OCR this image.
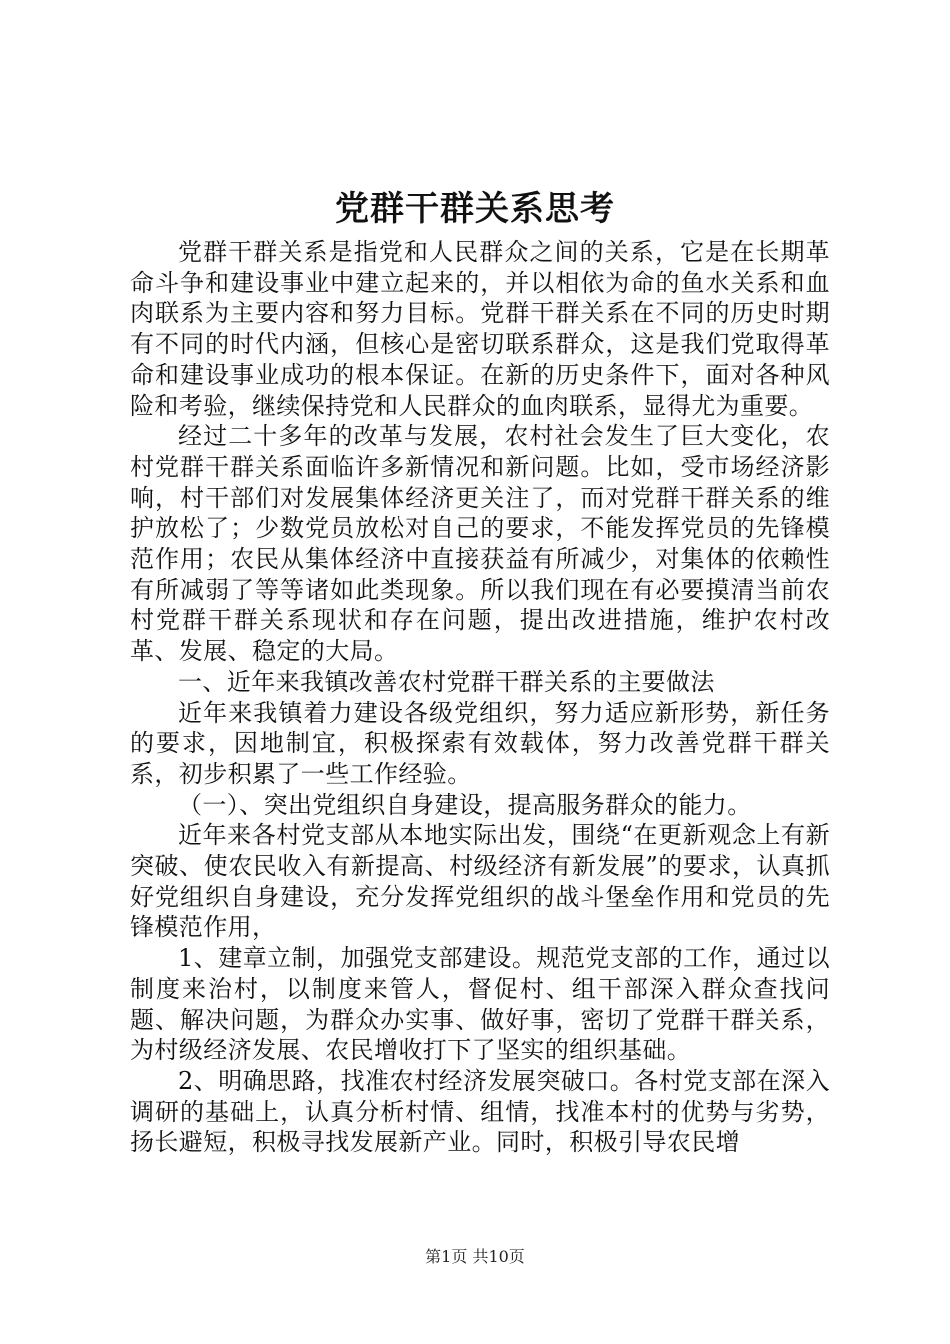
党群干群关系思考

党群干群关系是指党和人民群众之间的关系，它是在长期革命斗争和建设事业中建立起来的，并以相依为命的鱼水关系和血肉联系为主要内容和努力目标。党群干群关系在不同的历史时期有不同的时代内涵，但核心是密切联系群众，这是我们党取得革命和建设事业成功的根本保证。在新的历史条件下，面对各种风险和考验，继续保持党和人民群众的血肉联系，显得尤为重要。

经过二十多年的改革与发展，农村社会发生了巨大变化，农村党群干群关系面临许多新情况和新问题。比如，受市场经济影响，村干部们对发展集体经济更关注了，而对党群干群关系的维护放松了；少数党员放松对自己的要求，不能发挥党员的先锋模范作用；农民从集体经济中直接获益有所减少，对集体的依赖性有所减弱了等等诸如此类现象。所以我们现在有必要摸清当前农村党群干群关系现状和存在问题，提出改进措施，维护农村改革、发展、稳定的大局。

一、近年来我镇改善农村党群干群关系的主要做法

近年来我镇着力建设各级党组织，努力适应新形势，新任务的要求，因地制宜，积极探索有效载体，努力改善党群干群关系，初步积累了一些工作经验。

（一）、突出党组织自身建设，提高服务群众的能力。

近年来各村党支部从本地实际出发，围绕“在更新观念上有新突破、使农民收入有新提高、村级经济有新发展”的要求，认真抓好党组织自身建设，充分发挥党组织的战斗堡垒作用和党员的先锋模范作用，

1、建章立制，加强党支部建设。规范党支部的工作，通过以制度来治村，以制度来管人，督促村、组干部深入群众查找问题、解决问题，为群众办实事、做好事，密切了党群干群关系，为村级经济发展、农民增收打下了坚实的组织基础。

2、明确思路，找准农村经济发展突破口。各村党支部在深入调研的基础上，认真分析村情、组情，找准本村的优势与劣势，扬长避短，积极寻找发展新产业。同时，积极引导农民增

第1页 共10页
